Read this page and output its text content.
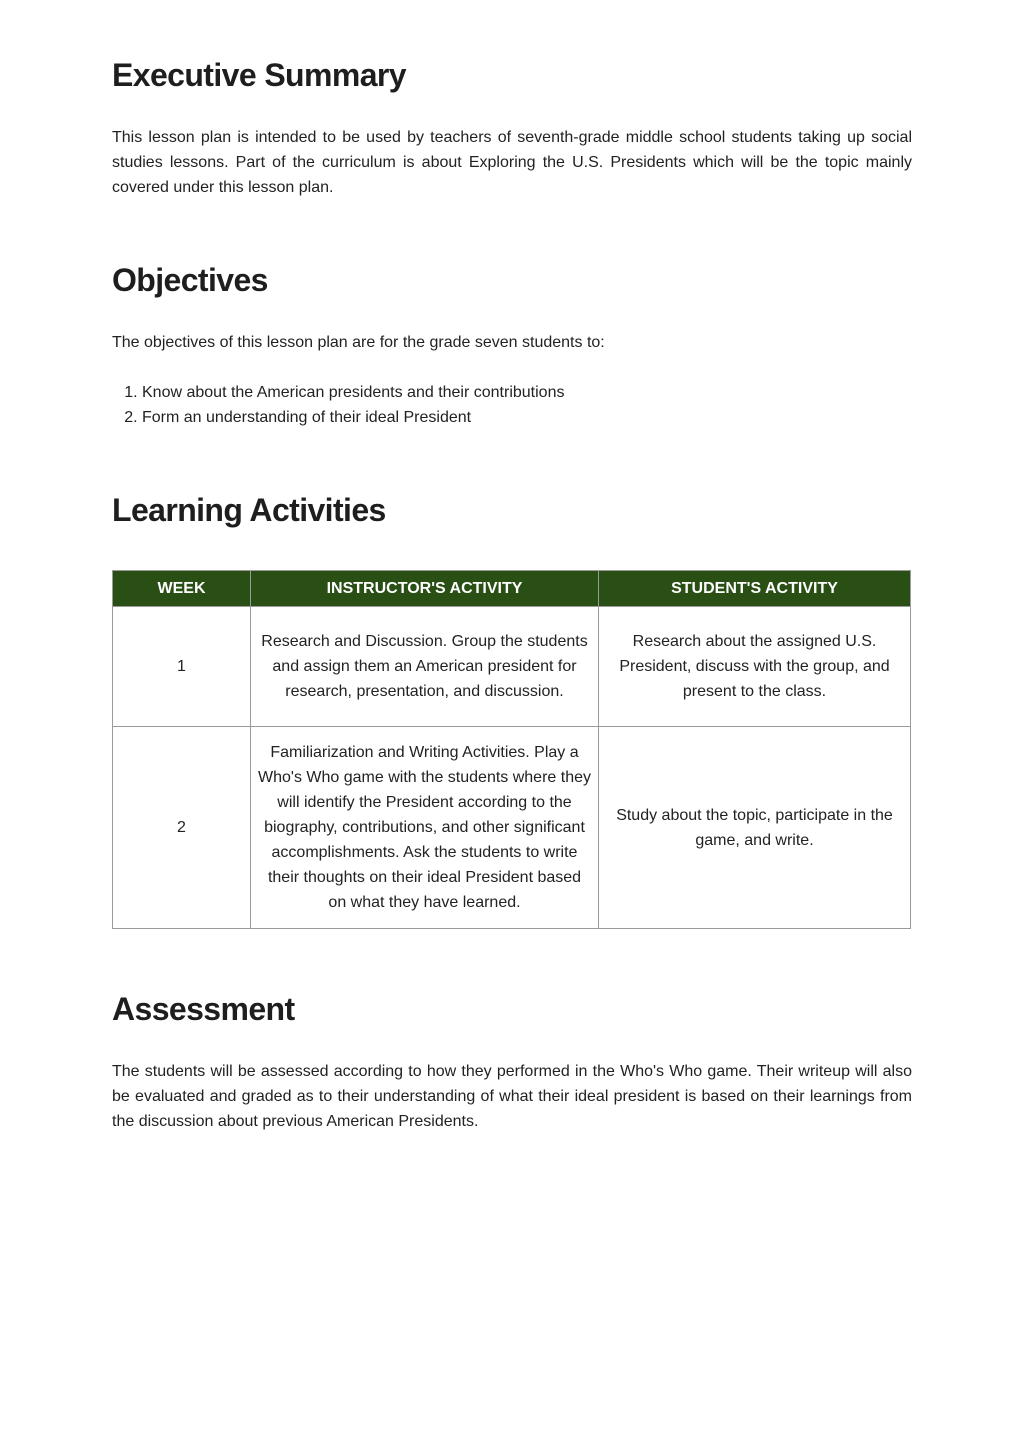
Executive Summary

This lesson plan is intended to be used by teachers of seventh-grade middle school students taking up social studies lessons. Part of the curriculum is about Exploring the U.S. Presidents which will be the topic mainly covered under this lesson plan.

Objectives

The objectives of this lesson plan are for the grade seven students to:

1. Know about the American presidents and their contributions
2. Form an understanding of their ideal President
Learning Activities
WEEK	INSTRUCTOR'S ACTIVITY	STUDENT'S ACTIVITY
1	Research and Discussion. Group the students and assign them an American president for research, presentation, and discussion.	Research about the assigned U.S. President, discuss with the group, and present to the class.
2	Familiarization and Writing Activities. Play a Who's Who game with the students where they will identify the President according to the biography, contributions, and other significant accomplishments. Ask the students to write their thoughts on their ideal President based on what they have learned.	Study about the topic, participate in the game, and write.
Assessment

The students will be assessed according to how they performed in the Who's Who game. Their writeup will also be evaluated and graded as to their understanding of what their ideal president is based on their learnings from the discussion about previous American Presidents.
